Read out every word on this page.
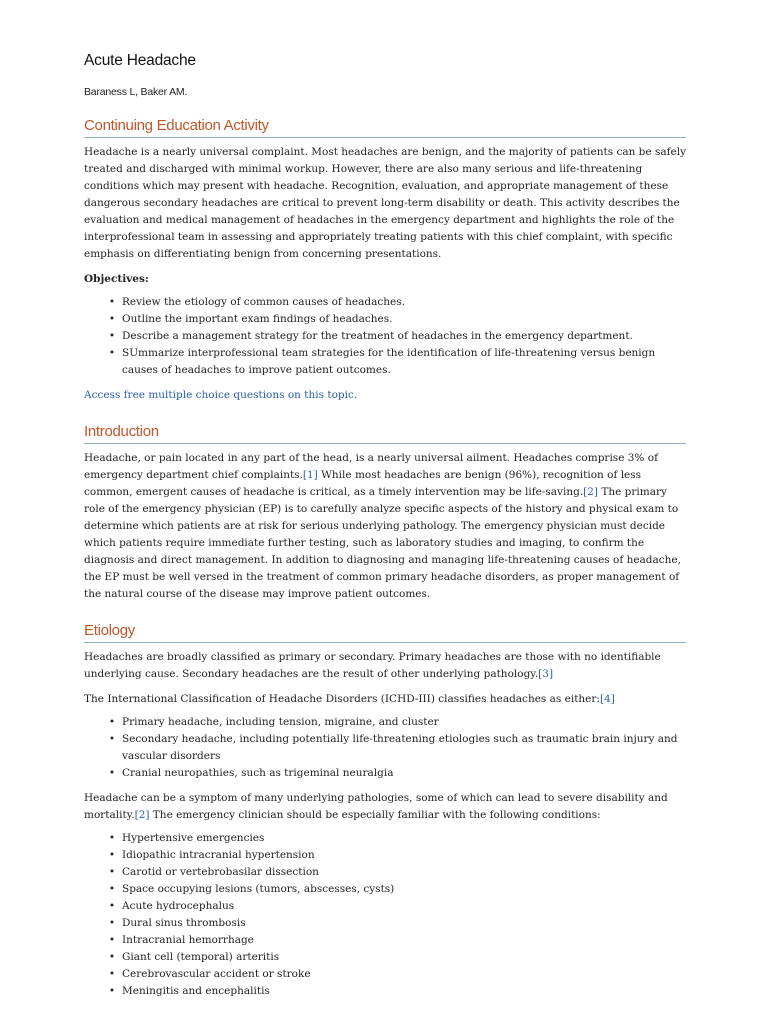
Acute Headache
Baraness L, Baker AM.
Continuing Education Activity

Headache is a nearly universal complaint. Most headaches are benign, and the majority of patients can be safely treated and discharged with minimal workup. However, there are also many serious and life-threatening conditions which may present with headache. Recognition, evaluation, and appropriate management of these dangerous secondary headaches are critical to prevent long-term disability or death. This activity describes the evaluation and medical management of headaches in the emergency department and highlights the role of the interprofessional team in assessing and appropriately treating patients with this chief complaint, with specific emphasis on differentiating benign from concerning presentations.

Objectives:

• Review the etiology of common causes of headaches.
• Outline the important exam findings of headaches.
• Describe a management strategy for the treatment of headaches in the emergency department.
• SUmmarize interprofessional team strategies for the identification of life-threatening versus benign causes of headaches to improve patient outcomes.

Access free multiple choice questions on this topic.

Introduction

Headache, or pain located in any part of the head, is a nearly universal ailment. Headaches comprise 3% of emergency department chief complaints.[1] While most headaches are benign (96%), recognition of less common, emergent causes of headache is critical, as a timely intervention may be life-saving.[2] The primary role of the emergency physician (EP) is to carefully analyze specific aspects of the history and physical exam to determine which patients are at risk for serious underlying pathology. The emergency physician must decide which patients require immediate further testing, such as laboratory studies and imaging, to confirm the diagnosis and direct management. In addition to diagnosing and managing life-threatening causes of headache, the EP must be well versed in the treatment of common primary headache disorders, as proper management of the natural course of the disease may improve patient outcomes.

Etiology

Headaches are broadly classified as primary or secondary. Primary headaches are those with no identifiable underlying cause. Secondary headaches are the result of other underlying pathology.[3]

The International Classification of Headache Disorders (ICHD-III) classifies headaches as either:[4]

• Primary headache, including tension, migraine, and cluster
• Secondary headache, including potentially life-threatening etiologies such as traumatic brain injury and vascular disorders
• Cranial neuropathies, such as trigeminal neuralgia

Headache can be a symptom of many underlying pathologies, some of which can lead to severe disability and mortality.[2] The emergency clinician should be especially familiar with the following conditions:

• Hypertensive emergencies
• Idiopathic intracranial hypertension
• Carotid or vertebrobasilar dissection
• Space occupying lesions (tumors, abscesses, cysts)
• Acute hydrocephalus
• Dural sinus thrombosis
• Intracranial hemorrhage
• Giant cell (temporal) arteritis
• Cerebrovascular accident or stroke
• Meningitis and encephalitis
